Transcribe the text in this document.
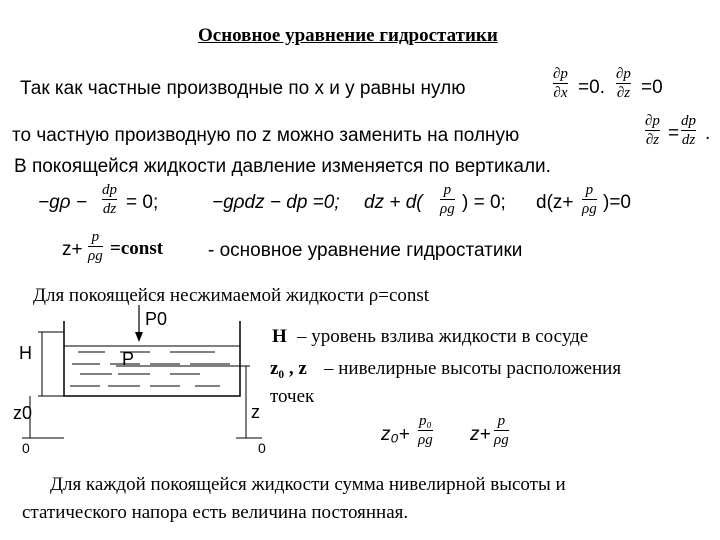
Основное уравнение гидростатики
Так как частные производные по x и y равны нулю
∂p
∂x =0.
∂p
∂z =0
то частную производную по z можно заменить на полную
∂p
∂z =
dp
dz .
В покоящейся жидкости давление изменяется по вертикали.
−gρ −
dp
dz = 0;	−gρdz − dp =0; dz + d(
p
ρg ) = 0; d(z+
p
ρg )=0
z+
p
ρg =const - основное уравнение гидростатики
Для покоящейся несжимаемой жидкости ρ=const
P0
P
H
z0	z
0	0
H – уровень взлива жидкости в сосуде
z₀ , z – нивелирные высоты расположения
точек
z₀+
p₀
ρg z+
p
ρg
Для каждой покоящейся жидкости сумма нивелирной высоты и
статического напора есть величина постоянная.
